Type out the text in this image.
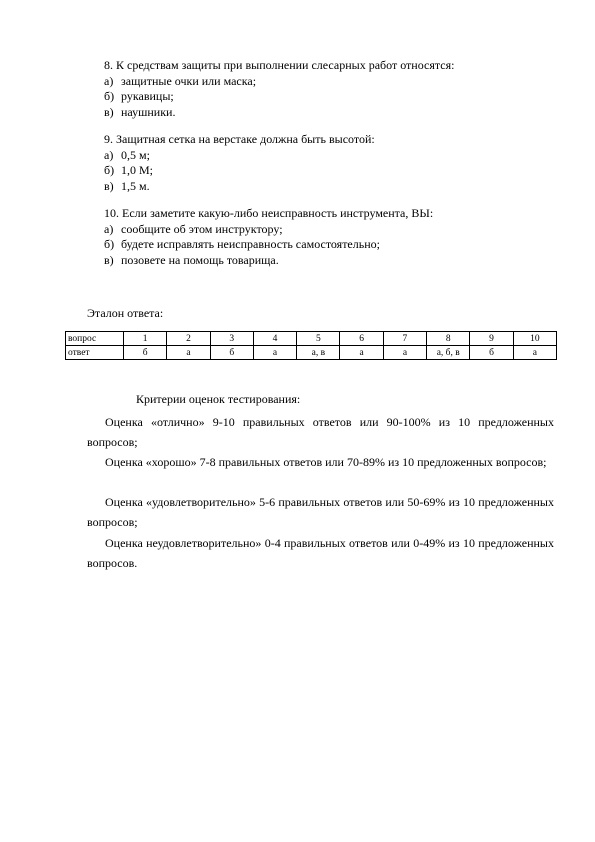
8. К средствам защиты при выполнении слесарных работ относятся:
а) защитные очки или маска;
б) рукавицы;
в) наушники.
9. Защитная сетка на верстаке должна быть высотой:
а) 0,5 м;
б) 1,0 М;
в) 1,5 м.
10. Если заметите какую-либо неисправность инструмента, ВЫ:
а) сообщите об этом инструктору;
б) будете исправлять неисправность самостоятельно;
в) позовете на помощь товарища.
Эталон ответа:
вопрос	1	2	3	4	5	6	7	8	9	10
ответ	б	а	б	а	а, в	а	а	а, б, в	б	а
Критерии оценок тестирования:
Оценка «отлично» 9-10 правильных ответов или 90-100% из 10 предложенных вопросов;
Оценка «хорошо» 7-8 правильных ответов или 70-89% из 10 предложенных вопросов;
Оценка «удовлетворительно» 5-6 правильных ответов или 50-69% из 10 предложенных вопросов;
Оценка неудовлетворительно» 0-4 правильных ответов или 0-49% из 10 предложенных вопросов.
